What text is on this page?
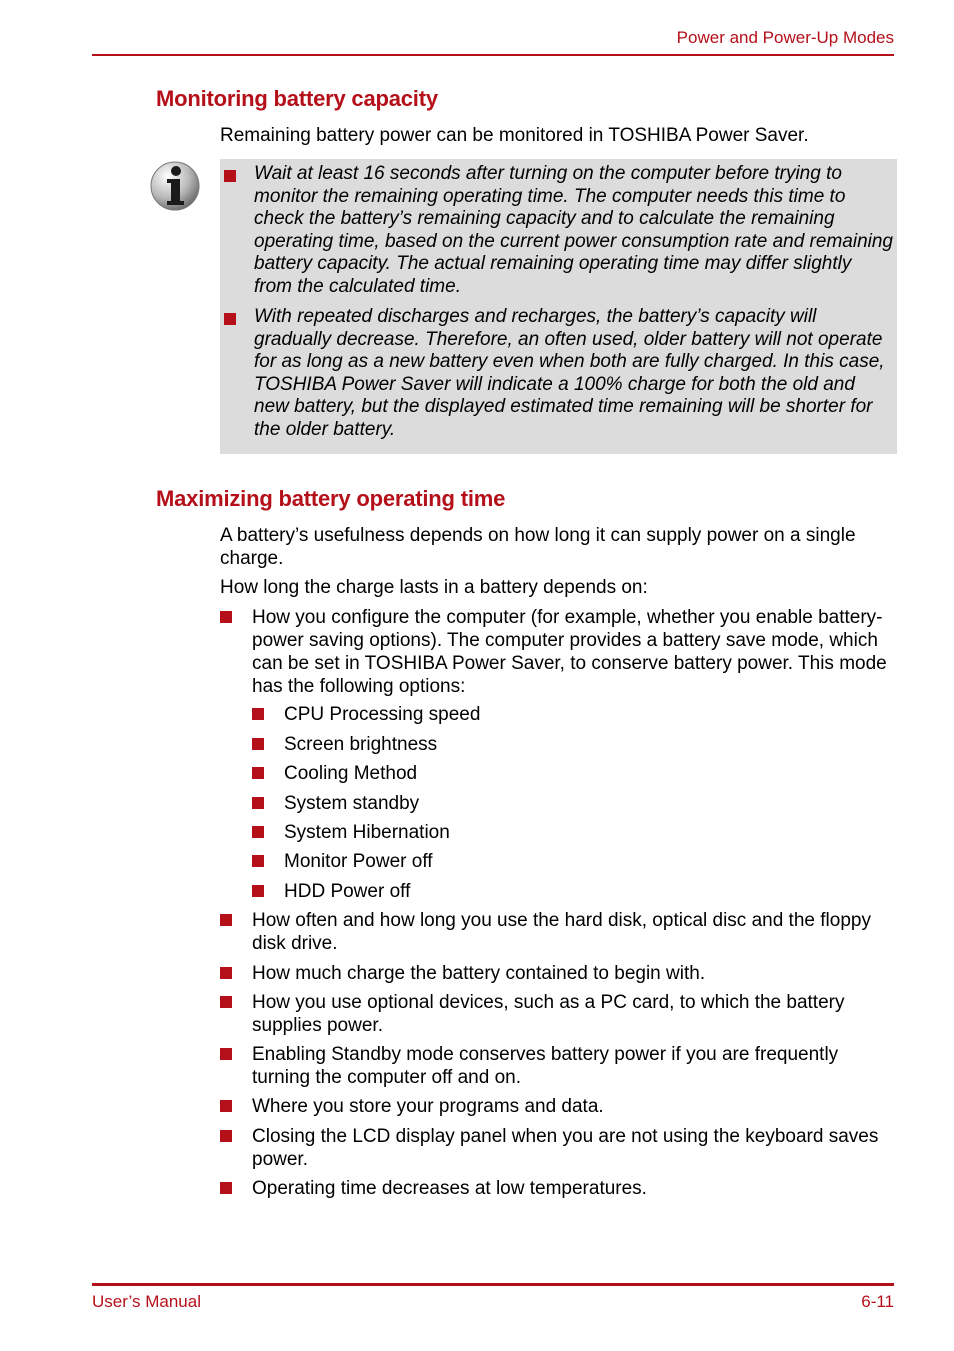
Power and Power-Up Modes
Monitoring battery capacity
Remaining battery power can be monitored in TOSHIBA Power Saver.
Wait at least 16 seconds after turning on the computer before trying to monitor the remaining operating time. The computer needs this time to check the battery’s remaining capacity and to calculate the remaining operating time, based on the current power consumption rate and remaining battery capacity. The actual remaining operating time may differ slightly from the calculated time.
With repeated discharges and recharges, the battery’s capacity will gradually decrease. Therefore, an often used, older battery will not operate for as long as a new battery even when both are fully charged. In this case, TOSHIBA Power Saver will indicate a 100% charge for both the old and new battery, but the displayed estimated time remaining will be shorter for the older battery.
Maximizing battery operating time
A battery’s usefulness depends on how long it can supply power on a single charge.
How long the charge lasts in a battery depends on:
How you configure the computer (for example, whether you enable battery-power saving options). The computer provides a battery save mode, which can be set in TOSHIBA Power Saver, to conserve battery power. This mode has the following options:
CPU Processing speed
Screen brightness
Cooling Method
System standby
System Hibernation
Monitor Power off
HDD Power off
How often and how long you use the hard disk, optical disc and the floppy disk drive.
How much charge the battery contained to begin with.
How you use optional devices, such as a PC card, to which the battery supplies power.
Enabling Standby mode conserves battery power if you are frequently turning the computer off and on.
Where you store your programs and data.
Closing the LCD display panel when you are not using the keyboard saves power.
Operating time decreases at low temperatures.
User’s Manual	6-11
